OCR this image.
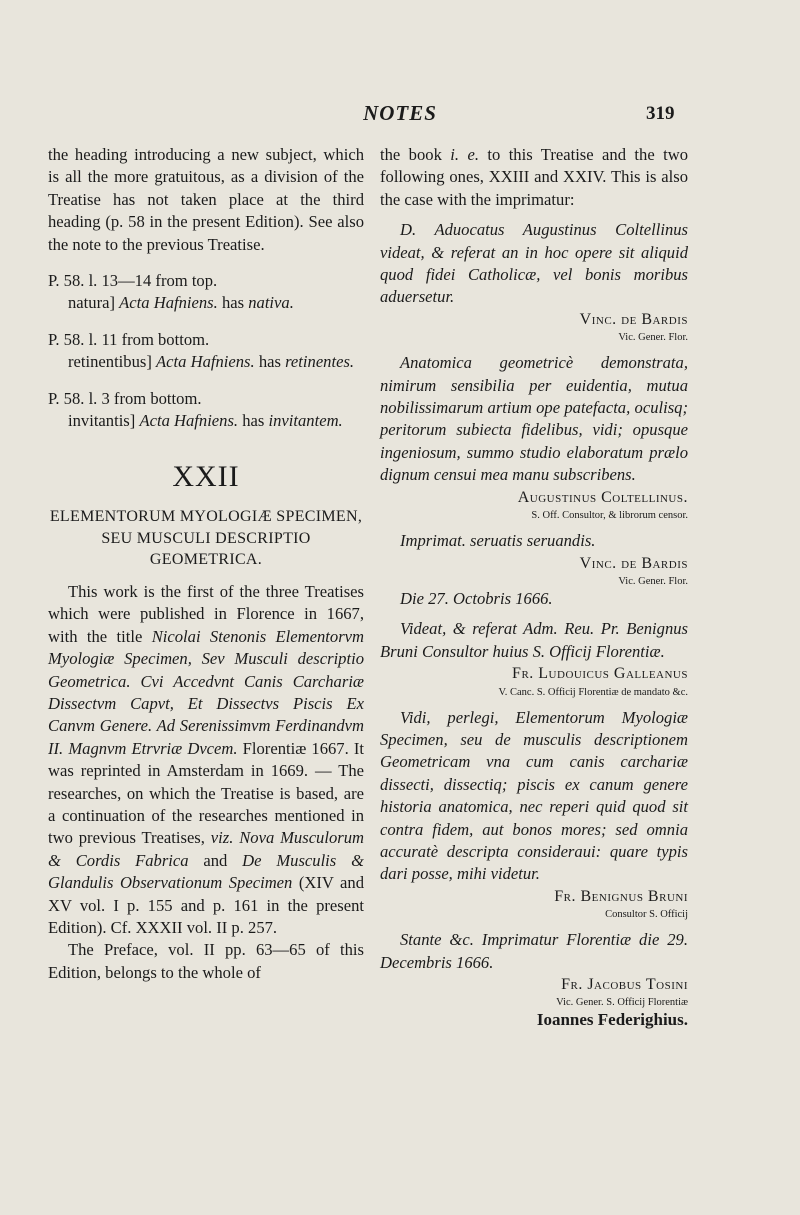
NOTES	319

the heading introducing a new subject, which is all the more gratuitous, as a division of the Treatise has not taken place at the third heading (p. 58 in the present Edition). See also the note to the previous Treatise.

P. 58. l. 13—14 from top.

natura] Acta Hafniens. has nativa.

P. 58. l. 11 from bottom.

retinentibus] Acta Hafniens. has retinentes.

P. 58. l. 3 from bottom.

invitantis] Acta Hafniens. has invitantem.

XXII
ELEMENTORUM MYOLOGIÆ SPECIMEN, SEU MUSCULI DESCRIPTIO GEOMETRICA.

This work is the first of the three Treatises which were published in Florence in 1667, with the title Nicolai Stenonis Elementorvm Myologiæ Specimen, Sev Musculi descriptio Geometrica. Cvi Accedvnt Canis Carchariæ Dissectvm Capvt, Et Dissectvs Piscis Ex Canvm Genere. Ad Serenissimvm Ferdinandvm II. Magnvm Etrvriæ Dvcem. Florentiæ 1667. It was reprinted in Amsterdam in 1669. — The researches, on which the Treatise is based, are a continuation of the researches mentioned in two previous Treatises, viz. Nova Musculorum & Cordis Fabrica and De Musculis & Glandulis Observationum Specimen (XIV and XV vol. I p. 155 and p. 161 in the present Edition). Cf. XXXII vol. II p. 257.

The Preface, vol. II pp. 63—65 of this Edition, belongs to the whole of

the book i. e. to this Treatise and the two following ones, XXIII and XXIV. This is also the case with the imprimatur:

D. Aduocatus Augustinus Coltellinus videat, & referat an in hoc opere sit aliquid quod fidei Catholicæ, vel bonis moribus aduersetur.

Vinc. de Bardis
Vic. Gener. Flor.

Anatomica geometricè demonstrata, nimirum sensibilia per euidentia, mutua nobilissimarum artium ope patefacta, oculisq; peritorum subiecta fidelibus, vidi; opusque ingeniosum, summo studio elaboratum prælo dignum censui mea manu subscribens.

Augustinus Coltellinus.
S. Off. Consultor, & librorum censor.

Imprimat. seruatis seruandis.

Vinc. de Bardis
Vic. Gener. Flor.

Die 27. Octobris 1666.

Videat, & referat Adm. Reu. Pr. Benignus Bruni Consultor huius S. Officij Florentiæ.

Fr. Ludouicus Galleanus
V. Canc. S. Officij Florentiæ de mandato &c.

Vidi, perlegi, Elementorum Myologiæ Specimen, seu de musculis descriptionem Geometricam vna cum canis carchariæ dissecti, dissectiq; piscis ex canum genere historia anatomica, nec reperi quid quod sit contra fidem, aut bonos mores; sed omnia accuratè descripta consideraui: quare typis dari posse, mihi videtur.

Fr. Benignus Bruni
Consultor S. Officij

Stante &c. Imprimatur Florentiæ die 29. Decembris 1666.

Fr. Jacobus Tosini
Vic. Gener. S. Officij Florentiæ
Ioannes Federighius.
